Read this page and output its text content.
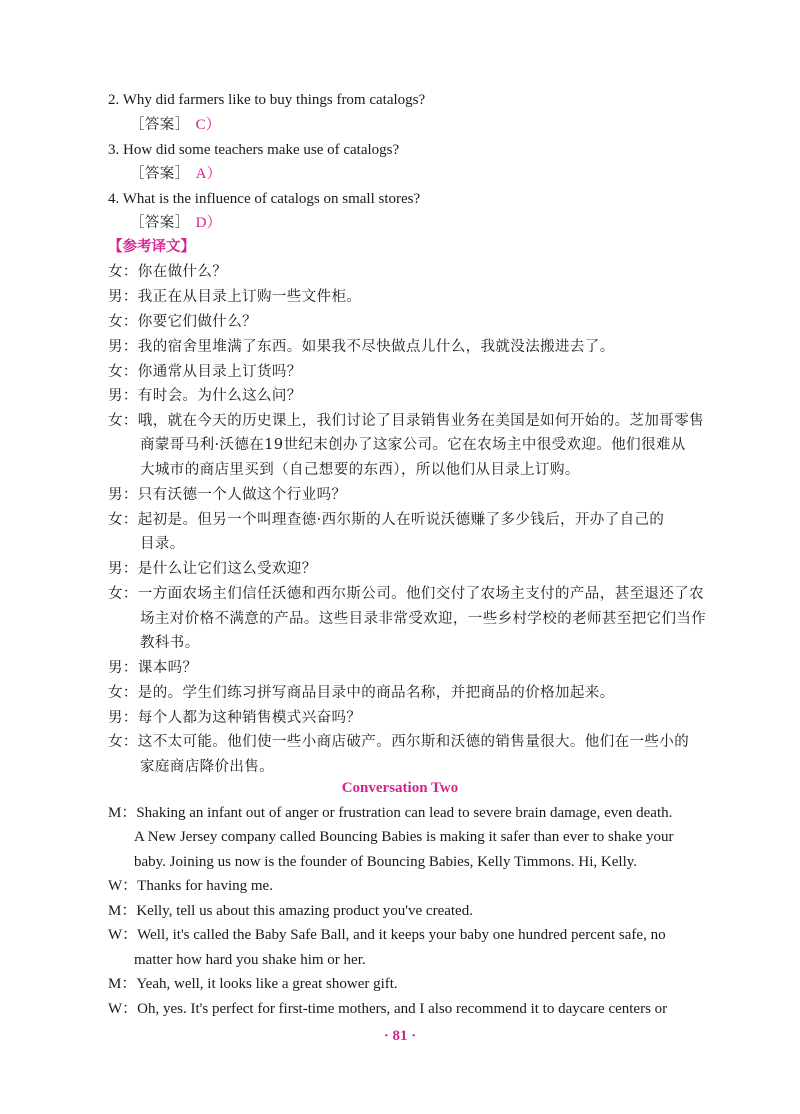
2. Why did farmers like to buy things from catalogs?
［答案］ C）
3. How did some teachers make use of catalogs?
［答案］ A）
4. What is the influence of catalogs on small stores?
［答案］ D）
【参考译文】
女：你在做什么？
男：我正在从目录上订购一些文件柜。
女：你要它们做什么？
男：我的宿舍里堆满了东西。如果我不尽快做点儿什么，我就没法搬进去了。
女：你通常从目录上订货吗？
男：有时会。为什么这么问？
女：哦，就在今天的历史课上，我们讨论了目录销售业务在美国是如何开始的。芝加哥零售
商蒙哥马利·沃德在19世纪末创办了这家公司。它在农场主中很受欢迎。他们很难从
大城市的商店里买到（自己想要的东西），所以他们从目录上订购。
男：只有沃德一个人做这个行业吗？
女：起初是。但另一个叫理查德·西尔斯的人在听说沃德赚了多少钱后，开办了自己的
目录。
男：是什么让它们这么受欢迎？
女：一方面农场主们信任沃德和西尔斯公司。他们交付了农场主支付的产品，甚至退还了农
场主对价格不满意的产品。这些目录非常受欢迎，一些乡村学校的老师甚至把它们当作
教科书。
男：课本吗？
女：是的。学生们练习拼写商品目录中的商品名称，并把商品的价格加起来。
男：每个人都为这种销售模式兴奋吗？
女：这不太可能。他们使一些小商店破产。西尔斯和沃德的销售量很大。他们在一些小的
家庭商店降价出售。
Conversation Two
M：Shaking an infant out of anger or frustration can lead to severe brain damage, even death.
A New Jersey company called Bouncing Babies is making it safer than ever to shake your
baby. Joining us now is the founder of Bouncing Babies, Kelly Timmons. Hi, Kelly.
W：Thanks for having me.
M：Kelly, tell us about this amazing product you've created.
W：Well, it's called the Baby Safe Ball, and it keeps your baby one hundred percent safe, no
matter how hard you shake him or her.
M：Yeah, well, it looks like a great shower gift.
W：Oh, yes. It's perfect for first-time mothers, and I also recommend it to daycare centers or
· 81 ·
